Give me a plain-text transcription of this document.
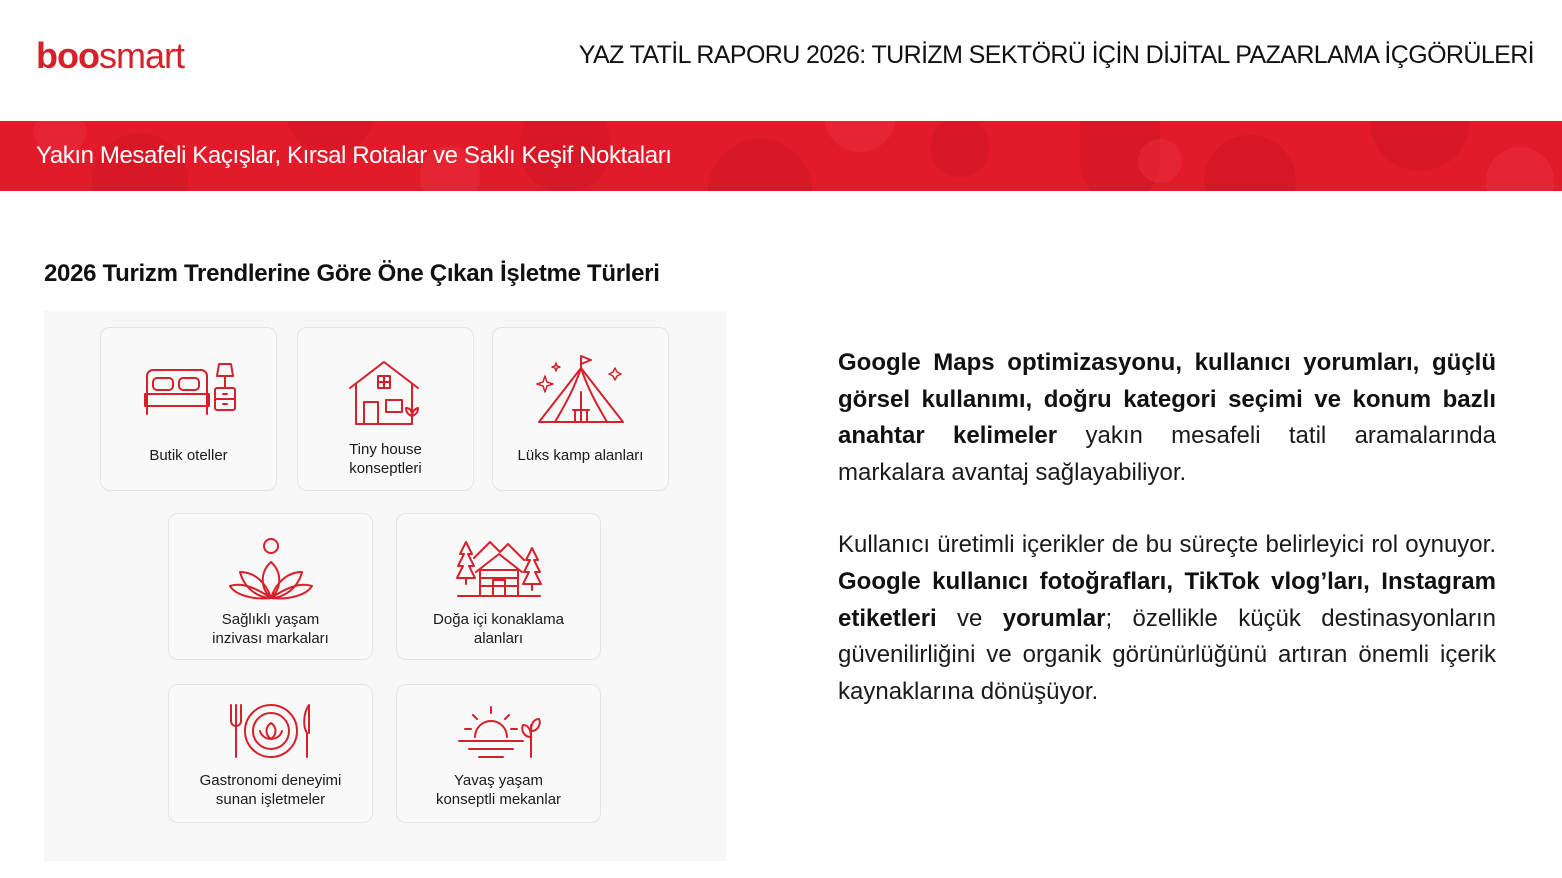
boosmart	YAZ TATİL RAPORU 2026: TURİZM SEKTÖRÜ İÇİN DİJİTAL PAZARLAMA İÇGÖRÜLERİ
Yakın Mesafeli Kaçışlar, Kırsal Rotalar ve Saklı Keşif Noktaları
2026 Turizm Trendlerine Göre Öne Çıkan İşletme Türleri
Butik oteller	Tiny house
konseptleri
Lüks kamp alanları

Sağlıklı yaşam
inzivası markaları
Doğa içi konaklama
alanları
Gastronomi deneyimi
sunan işletmeler
Yavaş yaşam
konseptli mekanlar

Google Maps optimizasyonu, kullanıcı yorumları, güçlü görsel kullanımı, doğru kategori seçimi ve konum bazlı anahtar kelimeler yakın mesafeli tatil aramalarında markalara avantaj sağlayabiliyor.

Kullanıcı üretimli içerikler de bu süreçte belirleyici rol oynuyor. Google kullanıcı fotoğrafları, TikTok vlog’ları, Instagram etiketleri ve yorumlar; özellikle küçük destinasyonların güvenilirliğini ve organik görünürlüğünü artıran önemli içerik kaynaklarına dönüşüyor.
